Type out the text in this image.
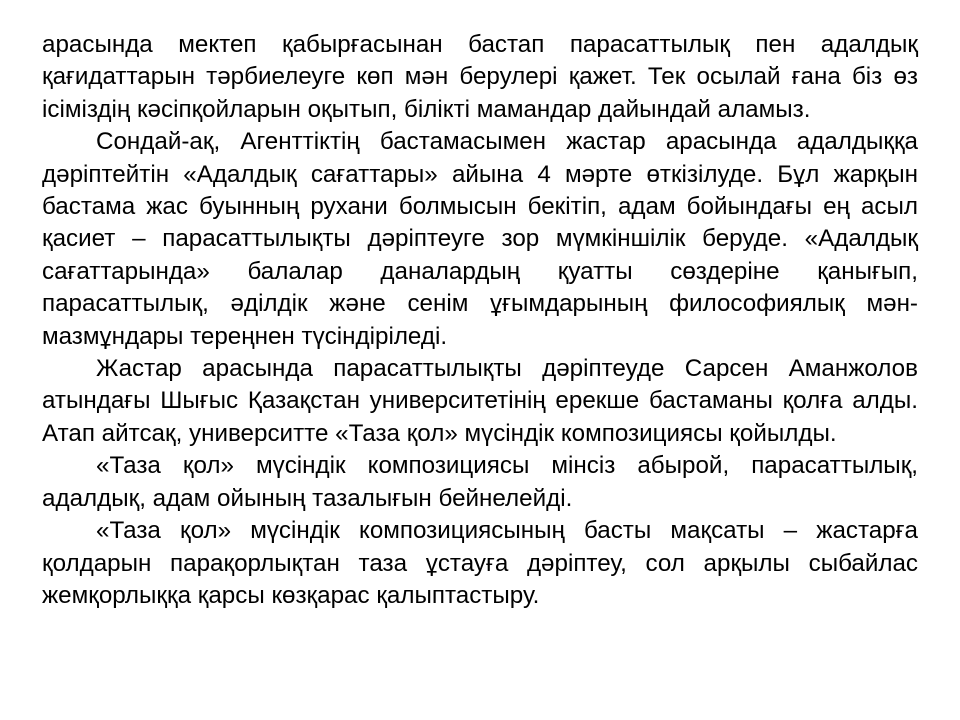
арасында мектеп қабырғасынан бастап парасаттылық пен адалдық қағидаттарын тәрбиелеуге көп мән берулері қажет. Тек осылай ғана біз өз ісіміздің кәсіпқойларын оқытып, білікті мамандар дайындай аламыз.

Сондай-ақ, Агенттіктің бастамасымен жастар арасында адалдыққа дәріптейтін «Адалдық сағаттары» айына 4 мәрте өткізілуде. Бұл жарқын бастама жас буынның рухани болмысын бекітіп, адам бойындағы ең асыл қасиет – парасаттылықты дәріптеуге зор мүмкіншілік беруде. «Адалдық сағаттарында» балалар даналардың қуатты сөздеріне қанығып, парасаттылық, әділдік және сенім ұғымдарының философиялық мән-мазмұндары тереңнен түсіндіріледі.

Жастар арасында парасаттылықты дәріптеуде Сарсен Аманжолов атындағы Шығыс Қазақстан университетінің ерекше бастаманы қолға алды. Атап айтсақ, университте «Таза қол» мүсіндік композициясы қойылды.

«Таза қол» мүсіндік композициясы мінсіз абырой, парасаттылық, адалдық, адам ойының тазалығын бейнелейді.

«Таза қол» мүсіндік композициясының басты мақсаты – жастарға қолдарын парақорлықтан таза ұстауға дәріптеу, сол арқылы сыбайлас жемқорлыққа қарсы көзқарас қалыптастыру.
